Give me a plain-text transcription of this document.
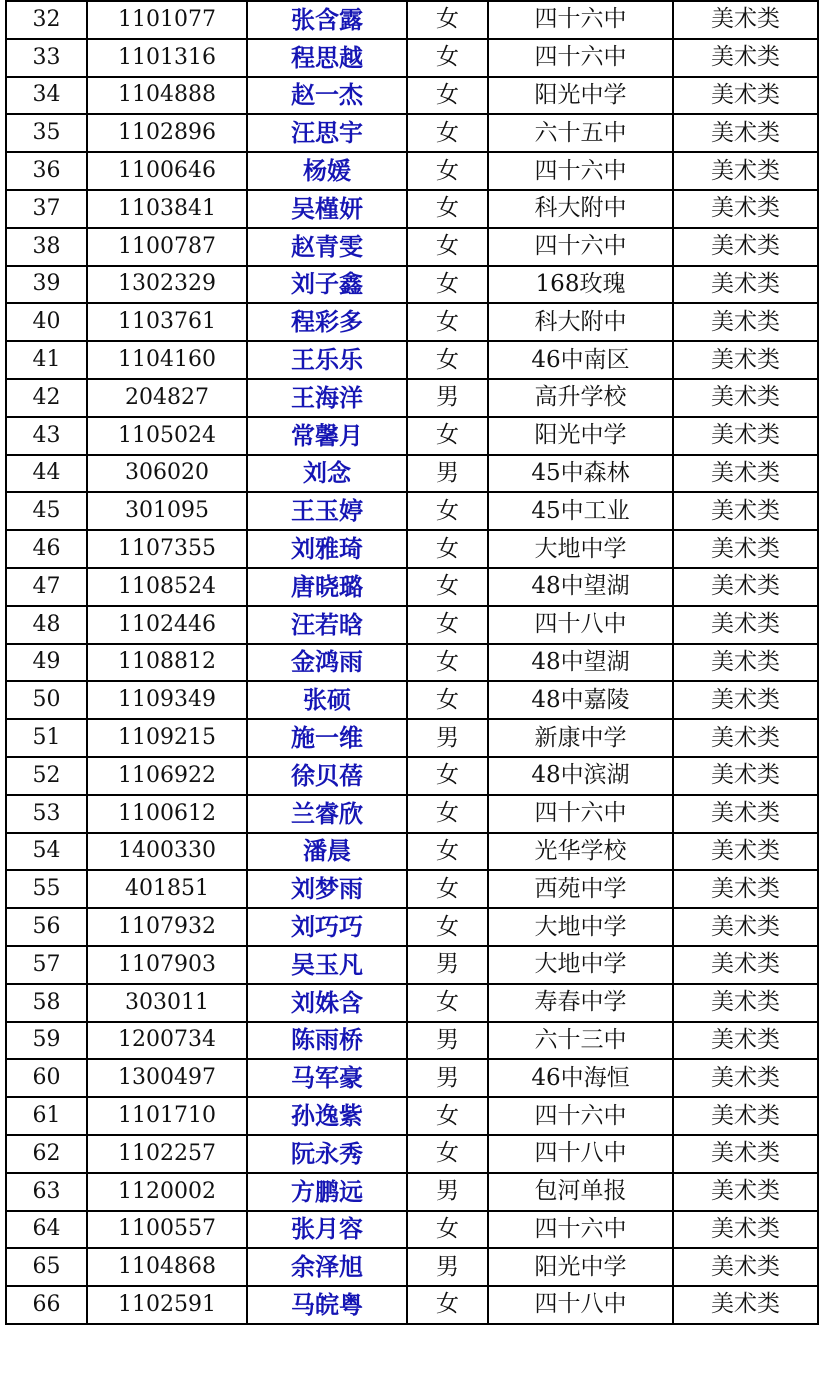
32	1101077	张含露	女	四十六中	美术类
33	1101316	程思越	女	四十六中	美术类
34	1104888	赵一杰	女	阳光中学	美术类
35	1102896	汪思宇	女	六十五中	美术类
36	1100646	杨媛	女	四十六中	美术类
37	1103841	吴槿妍	女	科大附中	美术类
38	1100787	赵青雯	女	四十六中	美术类
39	1302329	刘子鑫	女	168玫瑰	美术类
40	1103761	程彩多	女	科大附中	美术类
41	1104160	王乐乐	女	46中南区	美术类
42	204827	王海洋	男	高升学校	美术类
43	1105024	常馨月	女	阳光中学	美术类
44	306020	刘念	男	45中森林	美术类
45	301095	王玉婷	女	45中工业	美术类
46	1107355	刘雅琦	女	大地中学	美术类
47	1108524	唐晓璐	女	48中望湖	美术类
48	1102446	汪若晗	女	四十八中	美术类
49	1108812	金鸿雨	女	48中望湖	美术类
50	1109349	张硕	女	48中嘉陵	美术类
51	1109215	施一维	男	新康中学	美术类
52	1106922	徐贝蓓	女	48中滨湖	美术类
53	1100612	兰睿欣	女	四十六中	美术类
54	1400330	潘晨	女	光华学校	美术类
55	401851	刘梦雨	女	西苑中学	美术类
56	1107932	刘巧巧	女	大地中学	美术类
57	1107903	吴玉凡	男	大地中学	美术类
58	303011	刘姝含	女	寿春中学	美术类
59	1200734	陈雨桥	男	六十三中	美术类
60	1300497	马军豪	男	46中海恒	美术类
61	1101710	孙逸紫	女	四十六中	美术类
62	1102257	阮永秀	女	四十八中	美术类
63	1120002	方鹏远	男	包河单报	美术类
64	1100557	张月容	女	四十六中	美术类
65	1104868	余泽旭	男	阳光中学	美术类
66	1102591	马皖粤	女	四十八中	美术类
